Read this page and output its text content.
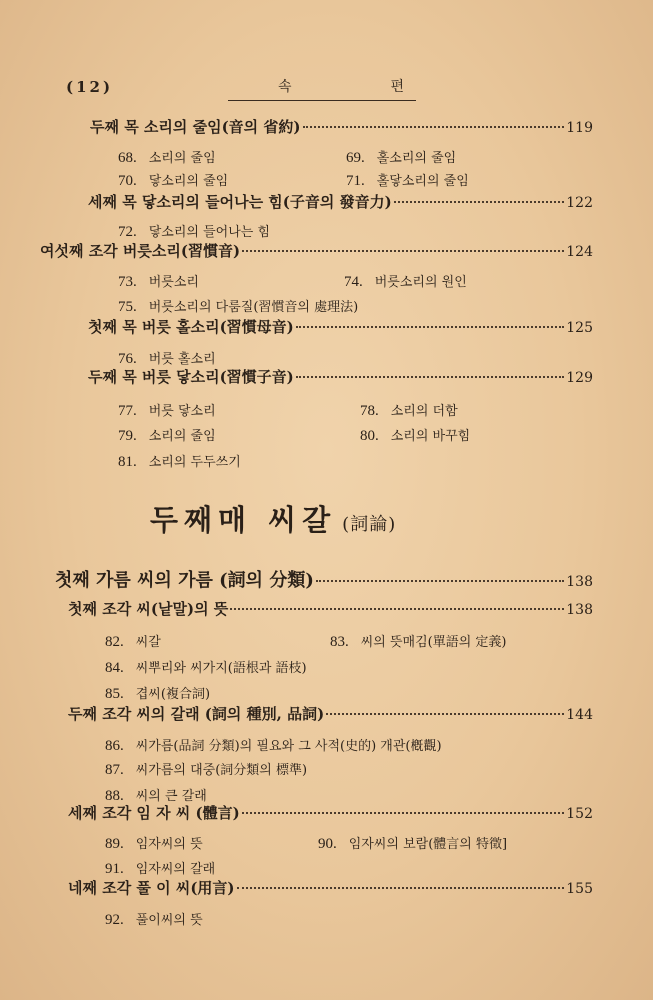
(12)	속	편
두째매 씨갈 (詞論)
두째 목 소리의 줄임(音의 省約)	119
68. 소리의 줄임	69. 홀소리의 줄임
70. 닿소리의 줄임	71. 홀닿소리의 줄임
세째 목 닿소리의 들어나는 힘(子音의 發音力)	122
72. 닿소리의 들어나는 힘
여섯째 조각 버릇소리(習慣音)	124
73. 버릇소리	74. 버릇소리의 원인
75. 버릇소리의 다룸질(習慣音의 處理法)
첫째 목 버릇 홀소리(習慣母音)	125
76. 버릇 홀소리
두째 목 버릇 닿소리(習慣子音)	129
77. 버릇 닿소리	78. 소리의 더함
79. 소리의 줄임	80. 소리의 바꾸힘
81. 소리의 두두쓰기
첫째 가름 씨의 가름 (詞의 分類)	138
첫째 조각 씨(낱말)의 뜻	138
82. 씨갈	83. 씨의 뜻매김(單語의 定義)
84. 씨뿌리와 씨가지(語根과 語枝)
85. 겹씨(複合詞)
두째 조각 씨의 갈래 (詞의 種別, 品詞)	144
86. 씨가름(品詞 分類)의 필요와 그 사적(史的) 개관(槪觀)
87. 씨가름의 대중(詞分類의 標準)
88. 씨의 큰 갈래
세째 조각 임 자 씨 (體言)	152
89. 임자씨의 뜻	90. 임자씨의 보람(體言의 特徵]
91. 임자씨의 갈래
네째 조각 풀 이 씨(用言)	155
92. 풀이씨의 뜻
